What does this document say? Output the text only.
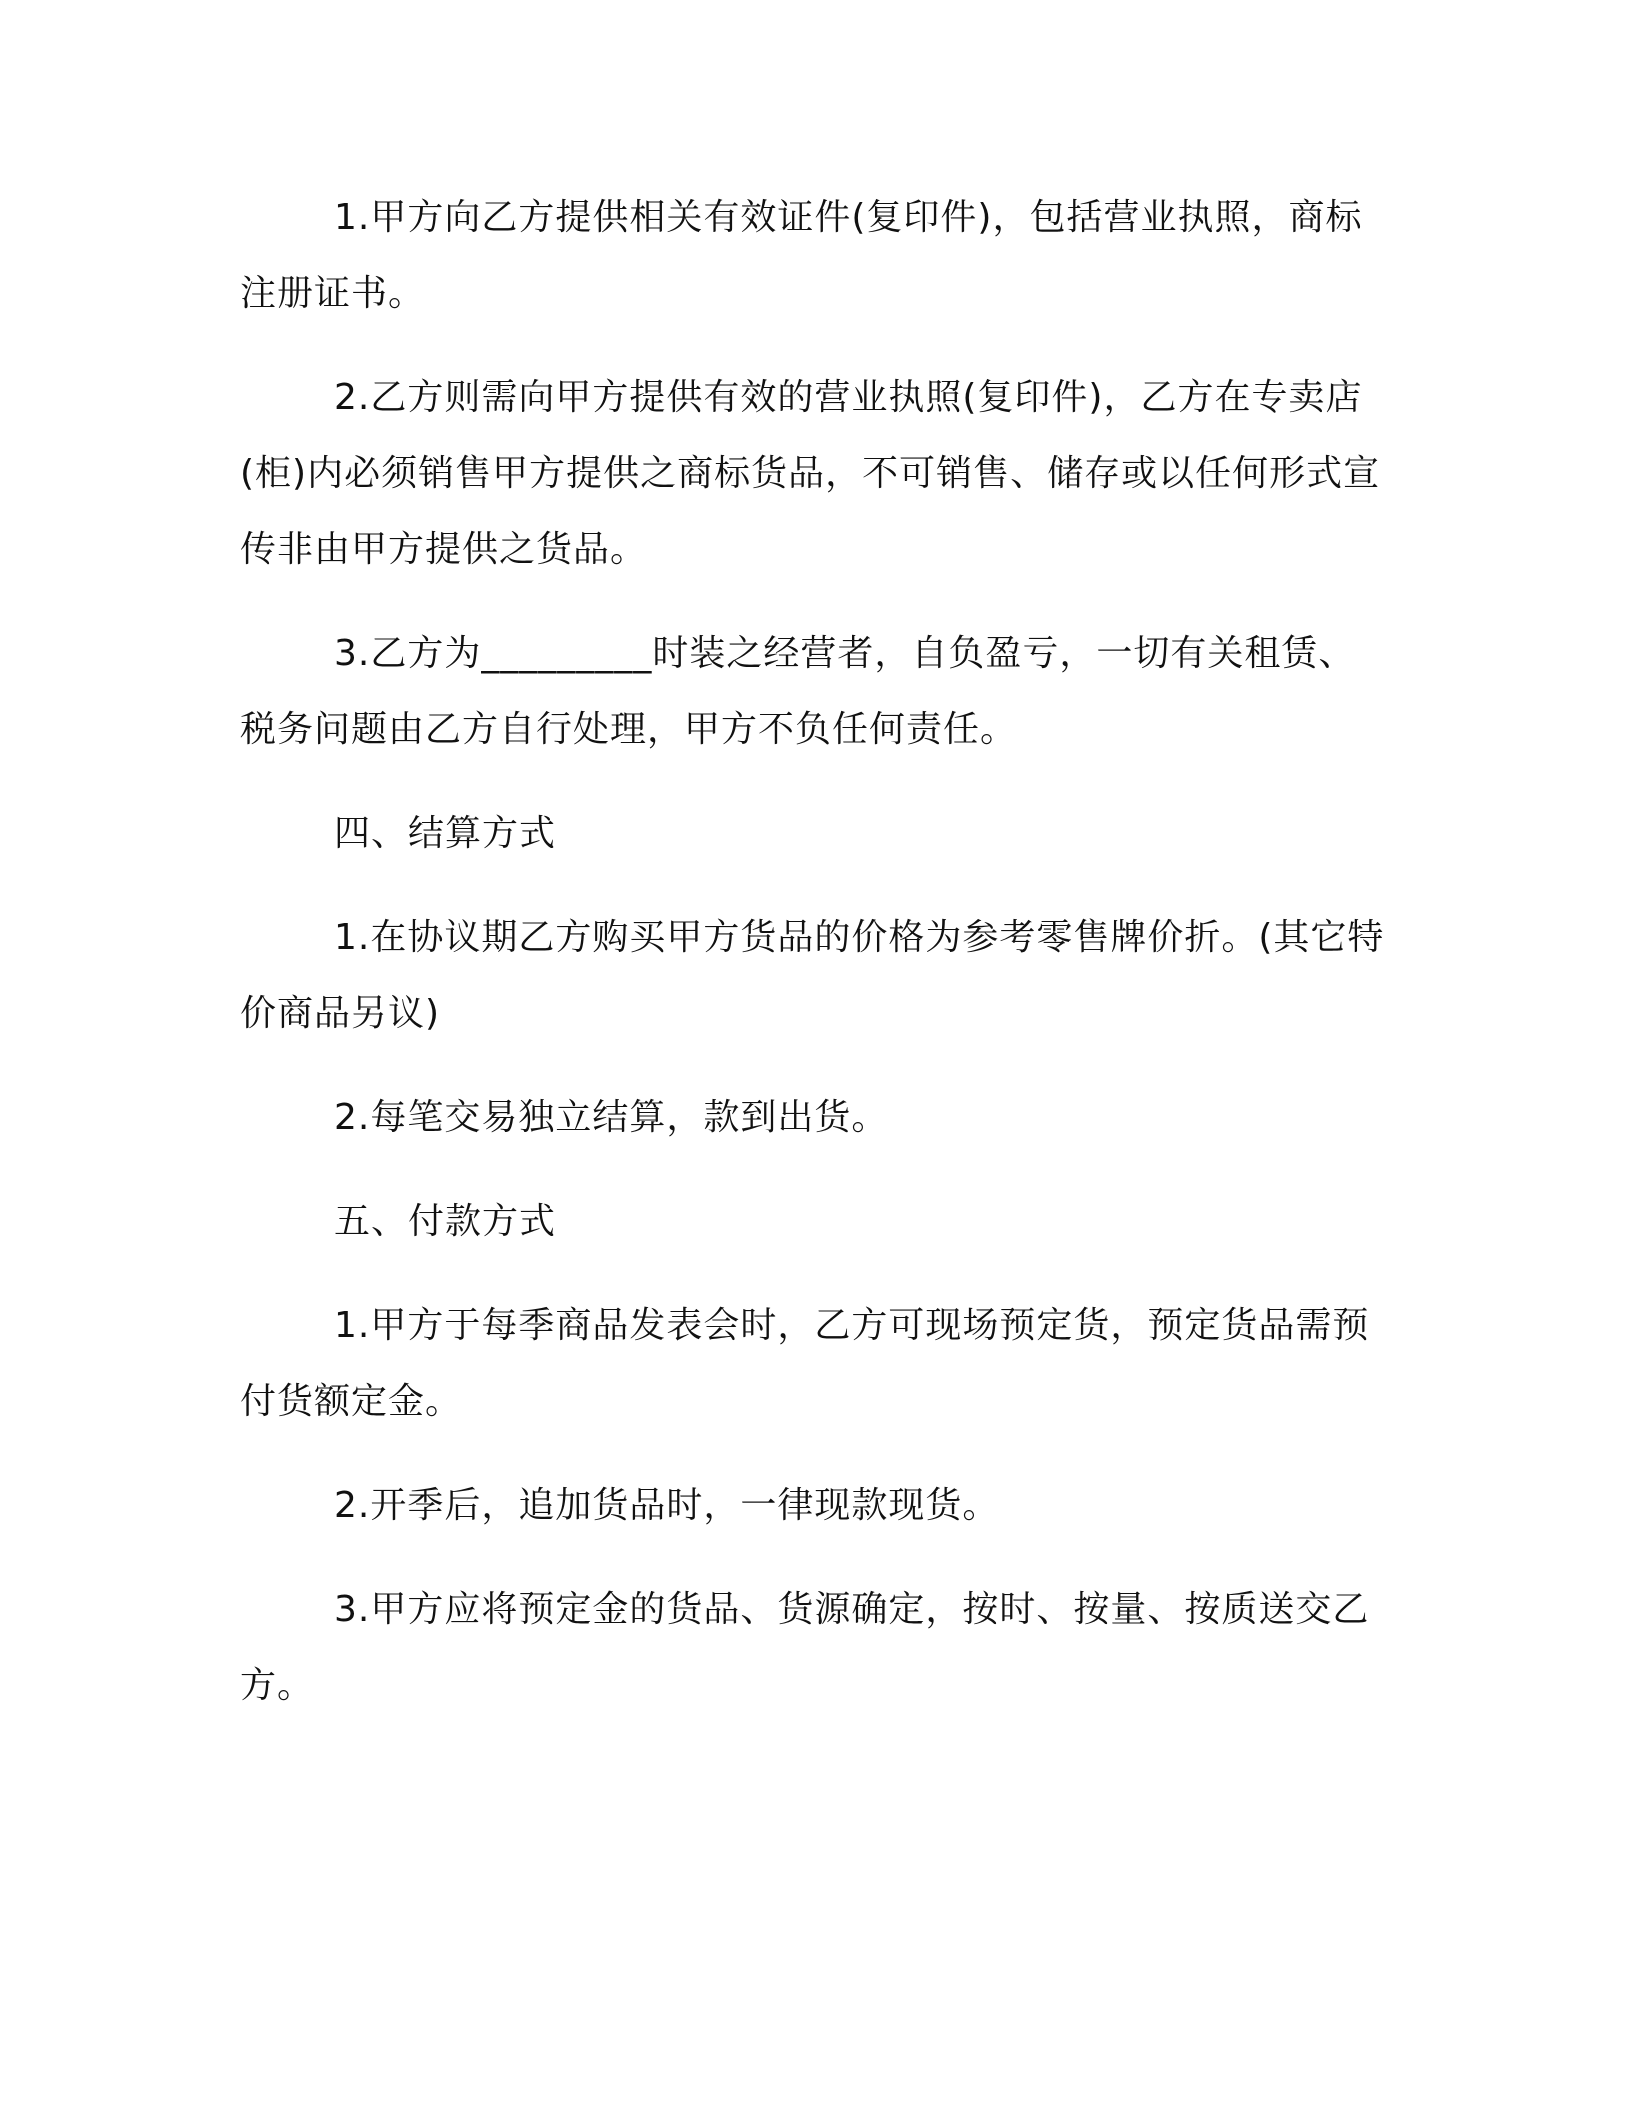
1.甲方向乙方提供相关有效证件(复印件)，包括营业执照，商标注册证书。

2.乙方则需向甲方提供有效的营业执照(复印件)，乙方在专卖店(柜)内必须销售甲方提供之商标货品，不可销售、储存或以任何形式宣传非由甲方提供之货品。

3.乙方为_________时装之经营者，自负盈亏，一切有关租赁、税务问题由乙方自行处理，甲方不负任何责任。

四、结算方式

1.在协议期乙方购买甲方货品的价格为参考零售牌价折。(其它特价商品另议)

2.每笔交易独立结算，款到出货。

五、付款方式

1.甲方于每季商品发表会时，乙方可现场预定货，预定货品需预付货额定金。

2.开季后，追加货品时，一律现款现货。

3.甲方应将预定金的货品、货源确定，按时、按量、按质送交乙方。
